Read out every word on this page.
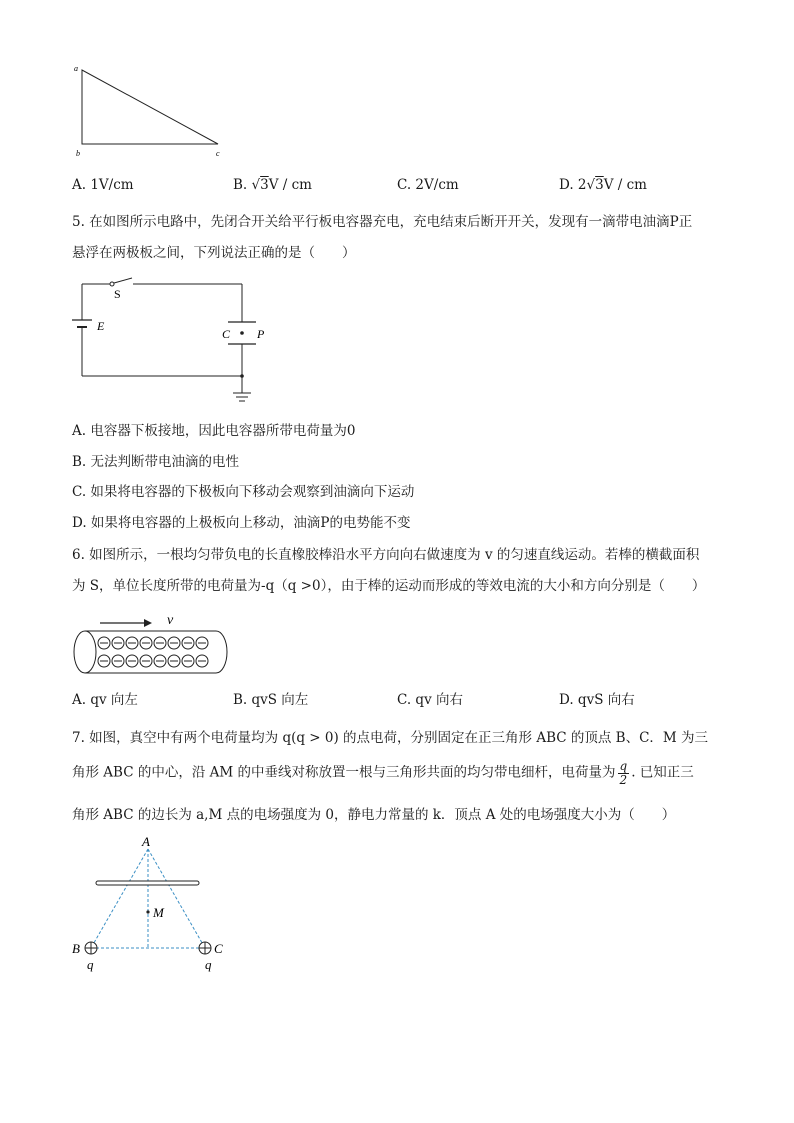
a
b	c
A. 1V/cm	B. √3V / cm	C. 2V/cm	D. 2√3V / cm
5. 在如图所示电路中，先闭合开关给平行板电容器充电，充电结束后断开开关，发现有一滴带电油滴P正
悬浮在两极板之间，下列说法正确的是（　　）
S
E
C P
A. 电容器下板接地，因此电容器所带电荷量为0
B. 无法判断带电油滴的电性
C. 如果将电容器的下极板向下移动会观察到油滴向下运动
D. 如果将电容器的上极板向上移动，油滴P的电势能不变
6. 如图所示，一根均匀带负电的长直橡胶棒沿水平方向向右做速度为 v 的匀速直线运动。若棒的横截面积
为 S，单位长度所带的电荷量为-q（q >0），由于棒的运动而形成的等效电流的大小和方向分别是（　　）
v
A. qv 向左	B. qvS 向左	C. qv 向右	D. qvS 向右
7. 如图，真空中有两个电荷量均为 q(q > 0) 的点电荷，分别固定在正三角形 ABC 的顶点 B、C．M 为三
角形 ABC 的中心，沿 AM 的中垂线对称放置一根与三角形共面的均匀带电细杆，电荷量为 $\frac{q}{2}$ . 已知正三
角形 ABC 的边长为 a,M 点的电场强度为 0，静电力常量的 k．顶点 A 处的电场强度大小为（　　）
M
A
B
q
C
q
